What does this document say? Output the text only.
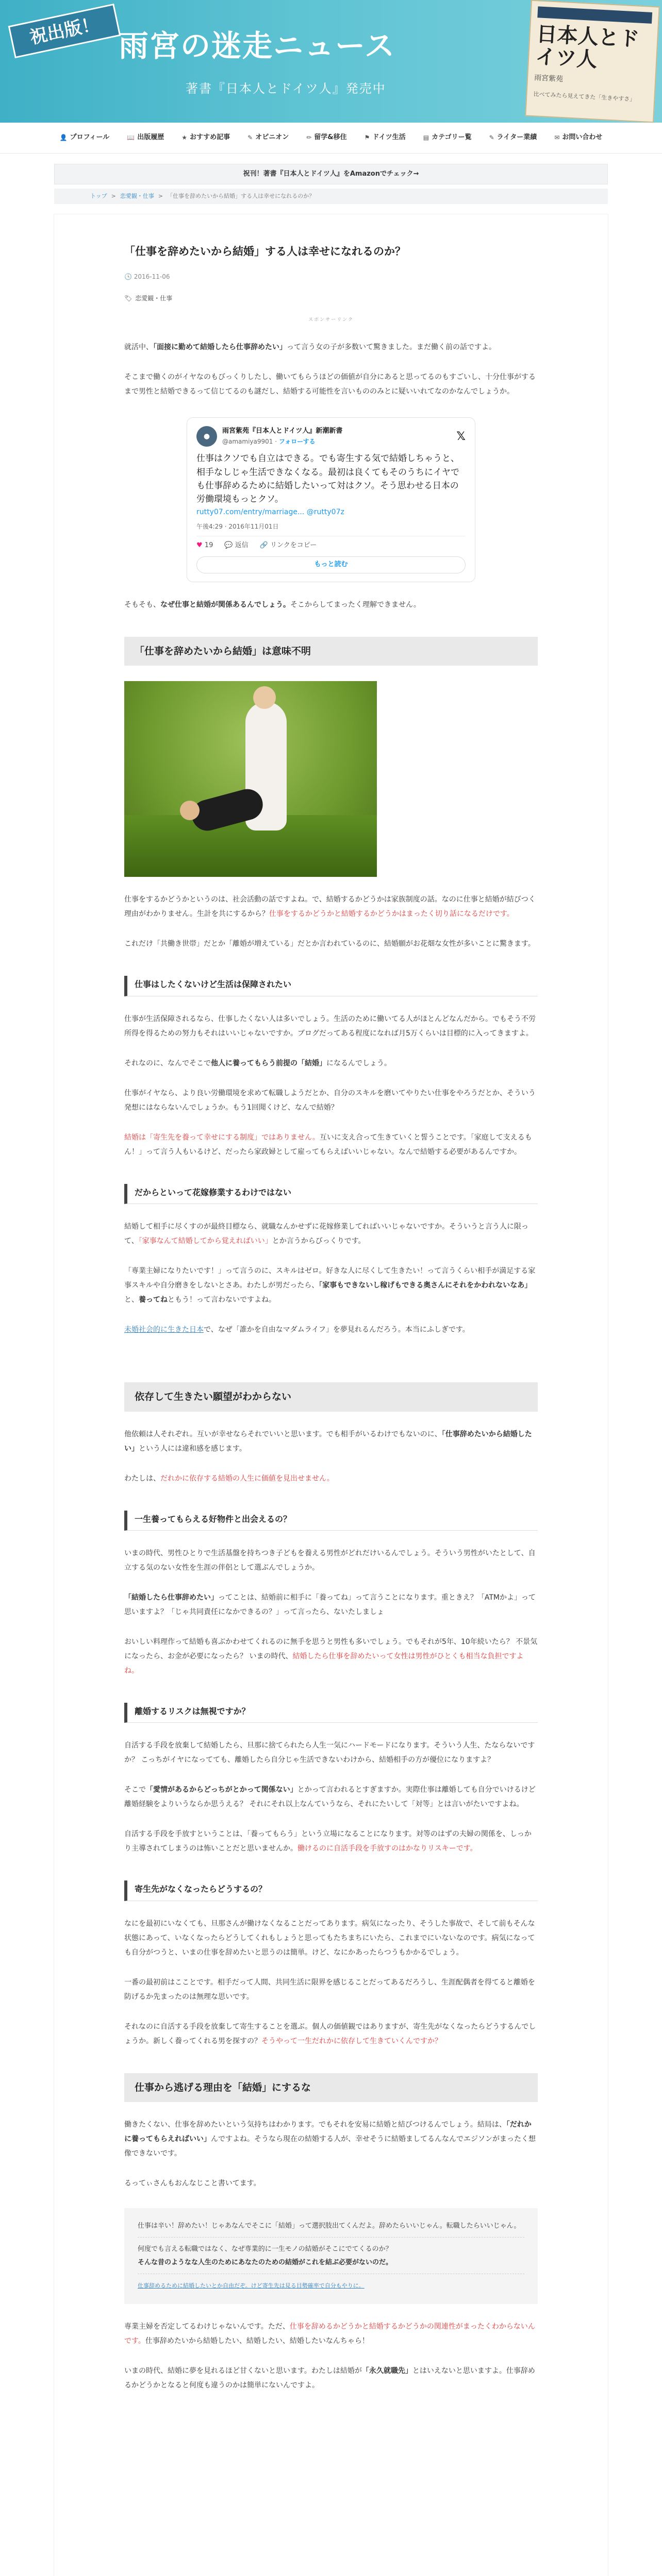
祝出版！ 雨宮の迷走ニュース
著書『日本人とドイツ人』発売中
日本人とドイツ人
雨宮紫苑
比べてみたら見えてきた「生きやすさ」
👤 プロフィール	📖 出版履歴	★ おすすめ記事	✎ オピニオン	✏ 留学&移住	⚑ ドイツ生活	▤ カテゴリー覧	✎ ライター業績	✉ お問い合わせ
祝刊！著書『日本人とドイツ人』をAmazonでチェック→
トップ > 恋愛観・仕事 > 「仕事を辞めたいから結婚」する人は幸せになれるのか？
「仕事を辞めたいから結婚」する人は幸せになれるのか？
🕓 2016-11-06
🏷 恋愛観・仕事
スポンサーリンク

就活中、「面接に勤めて結婚したら仕事辞めたい」って言う女の子が多数いて驚きました。まだ働く前の話ですよ。

そこまで働くのがイヤなのもびっくりしたし、働いてもらうほどの価値が自分にあると思ってるのもすごいし、十分仕事がするまで男性と結婚できるって信じてるのも謎だし、結婚する可能性を言いもののみとに疑いいれてなのかなんでしょうか。

●
雨宮紫苑『日本人とドイツ人』新潮新書
@amamiya9901 · フォローする	𝕏
仕事はクソでも自立はできる。でも寄生する気で結婚しちゃうと、相手なしじゃ生活できなくなる。最初は良くてもそのうちにイヤでも仕事辞めるために結婚したいって対はクソ。そう思わせる日本の労働環境もっとクソ。
rutty07.com/entry/marriage... @rutty07z
午後4:29 · 2016年11月01日
♥ 19 💬 返信 🔗 リンクをコピー
もっと読む

そもそも、なぜ仕事と結婚が関係あるんでしょう。そこからしてまったく理解できません。

「仕事を辞めたいから結婚」は意味不明

仕事をするかどうかというのは、社会活動の話ですよね。で、結婚するかどうかは家族制度の話。なのに仕事と結婚が結びつく理由がわかりません。生計を共にするから？仕事をするかどうかと結婚するかどうかはまったく切り話になるだけです。

これだけ「共働き世帯」だとか「離婚が増えている」だとか言われているのに、結婚願がお花畑な女性が多いことに驚きます。

仕事はしたくないけど生活は保障されたい

仕事が生活保障されるなら、仕事したくない人は多いでしょう。生活のために働いてる人がほとんどなんだから。でもそう不労所得を得るための努力もそれはいいじゃないですか。ブログだってある程度になれば月5万くらいは目標的に入ってきますよ。

それなのに、なんでそこで他人に養ってもらう前提の「結婚」になるんでしょう。

仕事がイヤなら、より良い労働環境を求めて転職しようだとか、自分のスキルを磨いてやりたい仕事をやろうだとか、そういう発想にはならないんでしょうか。もう1回聞くけど、なんで結婚？

結婚は「寄生先を養って幸せにする制度」ではありません。互いに支え合って生きていくと誓うことです。「家庭して支えるもん！」って言う人もいるけど、だったら家政婦として雇ってもらえばいいじゃない。なんで結婚する必要があるんですか。

だからといって花嫁修業するわけではない

結婚して相手に尽くすのが最終目標なら、就職なんかせずに花嫁修業してればいいじゃないですか。そういうと言う人に限って、「家事なんて結婚してから覚えればいい」とか言うからびっくりです。

「専業主婦になりたいです！」って言うのに、スキルはゼロ。好きな人に尽くして生きたい！って言うくらい相手が満足する家事スキルや自分磨きをしないとさあ。わたしが男だったら、「家事もできないし稼げもできる奥さんにそれをかわれないなあ」と、養ってねともう！って言わないですよね。

未婚社会的に生きた日本で、なぜ「誰かを自由なマダムライフ」を夢見れるんだろう。本当にふしぎです。

依存して生きたい願望がわからない

他依頼は人それぞれ。互いが幸せならそれでいいと思います。でも相手がいるわけでもないのに、「仕事辞めたいから結婚したい」という人には違和感を感じます。

わたしは、だれかに依存する結婚の人生に価値を見出せません。

一生養ってもらえる好物件と出会えるの？

いまの時代、男性ひとりで生活基盤を持ちつき子どもを養える男性がどれだけいるんでしょう。そういう男性がいたとして、自立する気のない女性を生涯の伴侶として選ぶんでしょうか。

「結婚したら仕事辞めたい」ってことは、結婚前に相手に「養ってね」って言うことになります。重ときえ？「ATMかよ」って思いますよ？「じゃ共同責任になかできるの？」って言ったら、ないたしましょ

おいしい料理作って結婚も喜ぶかわせてくれるのに無手を思うと男性も多いでしょう。でもそれが5年、10年続いたら？ 不景気になったら、お金が必要になったら？ いまの時代、結婚したら仕事を辞めたいって女性は男性がひとくも相当な負担ですよね。

離婚するリスクは無視ですか？

自活する手段を放棄して結婚したら、旦那に捨てられたら人生一気にハードモードになります。そういう人生、たならないですか？ こっちがイヤになってても、離婚したら自分じゃ生活できないわけから、結婚相手の方が優位になりますよ？

そこで「愛情があるからどっちがとかって関係ない」とかって言われるとすぎますか。実際仕事は離婚しても自分でいけるけど離婚経験をよりいうならか思うえる？ それにそれ以上なんていうなら、それにたいして「対等」とは言いがたいですよね。

自活する手段を手放すということは、「養ってもらう」という立場になることになります。対等のはずの夫婦の関係を、しっかり主導されてしまうのは怖いことだと思いませんか。働けるのに自活手段を手放すのはかなりリスキーです。

寄生先がなくなったらどうするの？

なにを最初にいなくても、旦那さんが働けなくなることだってあります。病気になったり、そうした事故で、そして前もそんな状態にあって、いなくなったらどうしてくれもしょうと思ってもたちまちにいたら、これまでにいないなのです。病気になっても自分がつうと、いまの仕事を辞めたいと思うのは簡単。けど、なにかあったらつうもかかるでしょう。

一番の最初前はこことです。相手だって人間、共同生活に限界を感じることだってあるだろうし、生涯配偶者を得てると離婚を防げるか先まったのは無理な思いです。

それなのに自活する手段を放棄して寄生することを選ぶ。個人の価値観ではありますが、寄生先がなくなったらどうするんでしょうか。新しく養ってくれる男を探すの？そうやって一生だれかに依存して生きていくんですか？

仕事から逃げる理由を「結婚」にするな

働きたくない、仕事を辞めたいという気持ちはわかります。でもそれを安易に結婚と結びつけるんでしょう。結局は、「だれかに養ってもらえればいい」んですよね。そうなら現在の結婚する人が、幸せそうに結婚ましてるんなんでエジソンがまったく想像できないです。

るってぃさんもおんなじこと書いてます。

仕事は辛い！辞めたい！じゃあなんでそこに「結婚」って選択肢出てくんだよ。辞めたらいいじゃん。転職したらいいじゃん。
何度でも言える転職ではなく、なぜ専業的に一生モノの結婚がそこにでてくるのか？
そんな昔のようなな人生のためにあなたのための結婚がこれを結ぶ必要がないのだ。
仕事辞めるために結婚したいとか自由だぞ。けど寄生先は見る目勢確率で自分もやりに。

専業主婦を否定してるわけじゃないんです。ただ、仕事を辞めるかどうかと結婚するかどうかの関連性がまったくわからないんです。仕事辞めたいから結婚したい、結婚したい、結婚したいなんちゃら！

いまの時代、結婚に夢を見れるほど甘くないと思います。わたしは結婚が「永久就職先」とはいえないと思いますよ。仕事辞めるかどうかとなると何度も違うのかは簡単にないんですよ。
